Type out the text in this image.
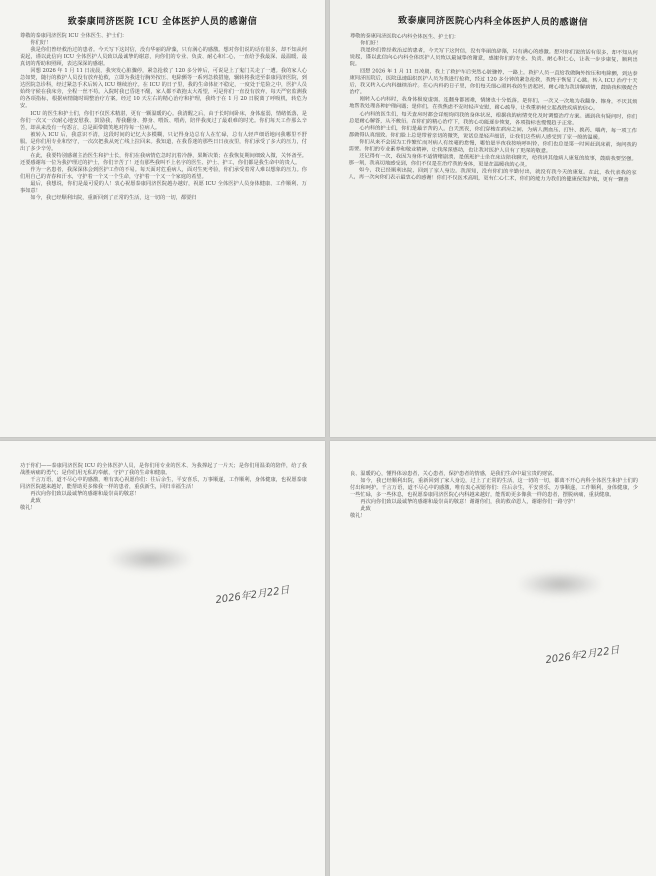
致泰康同济医院 ICU 全体医护人员的感谢信

尊敬的泰康同济医院 ICU 全体医生、护士们：

你们好！

我是你们曾经救治过的患者。今天写下这封信，没有华丽的辞藻，只有满心的感激。想对你们说的话有很多，却不知从何说起，谨以此信向 ICU 全体医护人员致以最诚挚的谢意，向你们的专业、负责、耐心和仁心，一直给予我最深、最温暖、最真切的帮助和照顾，表达深深的感谢。

回想 2026 年 1 月 11 日凌晨，我突发心脏骤停，紧急抢救了 120 多分钟后，可说是上了鬼门关走了一遭。我的家人心急如焚，随行的救护人员没有放弃抢救，立即为我进行胸外按压、电除颤等一系列急救措施，辗转将我送至泰康同济医院，到达医院急诊科，经过紧急手术后转入 ICU 继续治疗。在 ICU 的日子里，我的生命体征不稳定，一度处于危险之中，医护人员始终守候在我床旁，全程一丝不苟。入院时我已昏迷不醒，家人都不敢抱太大希望，可是你们一直没有放弃，每天严密监测我的各项指标，根据病情随时调整治疗方案。经过 10 天左右的精心治疗和护理，我终于在 1 月 20 日脱离了呼吸机，转危为安。

ICU 的医生和护士们，你们不仅医术精湛，更有一颗温暖的心。我清醒之后，由于长时间卧床，身体虚弱，情绪低落，是你们一次又一次耐心地安慰我、鼓励我，帮我翻身、擦身、喂饭、喂药，陪伴我度过了最艰难的时光。你们每天工作那么辛苦，却从来没有一句怨言，总是面带微笑地对待每一位病人。

被转入 ICU 后，我意识不清，这段时间的记忆大多模糊，只记得身边总有人在忙碌，总有人轻声细语地问我哪里不舒服。是你们用专业和坚守，一次次把我从死亡线上拉回来。我知道，在我昏迷的那些日日夜夜里，你们承受了多大的压力，付出了多少辛劳。

在此，我要特别感谢主治医生和护士长，你们在我病情危急时沉着冷静，果断决策；在我恢复期间细致入微，关怀备至。还要感谢每一位为我护理过的护士，你们辛苦了！还有那些我叫不上名字的医生、护士、护工，你们都是我生命中的贵人。

作为一名患者，我深深体会到医护工作的不易。每天面对危重病人，面对生死考验，你们承受着常人难以想象的压力。你们用自己的青春和汗水，守护着一个又一个生命，守护着一个又一个家庭的希望。

最后，我想说，你们是最可爱的人！衷心祝愿泰康同济医院越办越好，祝愿 ICU 全体医护人员身体健康、工作顺利、万事如意！

如今，我已经顺利出院，重新回到了正常的生活，这一切的一切，都要归

致泰康同济医院心内科全体医护人员的感谢信

尊敬的泰康同济医院心内科全体医生、护士们：

你们好！

我是你们曾经救治过的患者。今天写下这封信，没有华丽的辞藻，只有满心的感激。想对你们说的话有很多，却不知从何说起，谨以此信向心内科全体医护人员致以最诚挚的谢意，感谢你们的专业、负责、耐心和仁心，让我一步步康复，顺利出院。

回想 2026 年 1 月 11 日凌晨，我上了救护车后突然心脏骤停，一路上，救护人员一直给我做胸外按压和电除颤，到达泰康同济医院后，医院迅速组织医护人员为我进行抢救，经过 120 多分钟的紧急抢救，我终于恢复了心跳。转入 ICU 治疗十天后，我又转入心内科继续治疗。在心内科的日子里，你们每天细心照料我的生活起居，耐心地为我讲解病情，鼓励我积极配合治疗。

刚转入心内科时，我身体极度虚弱，连翻身都困难，情绪也十分低落。是你们，一次又一次地为我翻身、擦身，不厌其烦地帮我处理各种护理问题；是你们，在我焦虑不安时轻声安慰，耐心疏导，让我重新树立起战胜疾病的信心。

心内科的医生们，每天查房时都会详细询问我的身体状况，根据我的病情变化及时调整治疗方案。遇到我有疑问时，你们总是耐心解答，从不敷衍。在你们的精心治疗下，我的心功能逐步恢复，各项指标也慢慢趋于正常。

心内科的护士们，你们是最辛苦的人。白天黑夜，你们穿梭在病房之间，为病人测血压、打针、换药、喂药，每一项工作都做得认真细致。你们脸上总是带着亲切的微笑，说话总是轻声细语，让我们这些病人感受到了家一般的温暖。

你们从来不会因为工作繁忙而对病人有丝毫的怠慢，哪怕是半夜我按响呼叫铃，你们也总是第一时间赶到床前，询问我的需要。你们的专业素养和敬业精神，让我深深感动，也让我对医护人员有了更深的敬意。

还记得有一次，我因为身体不适情绪崩溃，是值班护士坐在床边陪我聊天，给我讲其他病人康复的故事，鼓励我要坚强。那一刻，我真切地感受到，你们不仅是在治疗我的身体，更是在温暖我的心灵。

如今，我已经顺利出院，回到了家人身边。我深知，没有你们的辛勤付出，就没有我今天的康复。在此，我代表我的家人，再一次向你们表示最衷心的感谢！你们不仅医术高明，更有仁心仁术，你们的能力为我们的健康保驾护航，更有一颗善

功于你们——泰康同济医院 ICU 的全体医护人员，是你们用专业的医术、为我撑起了一片天；是你们用温柔的陪伴，给了我战胜病痛的勇气；是你们用无私的奉献，守护了我的生命和健康。

千言万语，道不尽心中的感激，唯有衷心祝愿你们：往后余生，平安喜乐，万事顺遂，工作顺利，身体健康，也祝愿泰康同济医院越来越好，能帮助更多像我一样的患者，重获新生，回归幸福生活！

再次向你们致以最诚挚的感谢和最崇高的敬意！

此致

敬礼！

2026年2月22日

良、温暖的心，懂得体谅患者，关心患者，保护患者的情感，是我们生命中最宝贵的财富。

如今，我已经顺利出院，重新回到了家人身边，过上了正常的生活，这一切的一切，都离不开心内科全体医生和护士们的付出和呵护。千言万语，道不尽心中的感激，唯有衷心祝愿你们：往后余生，平安喜乐，万事顺遂，工作顺利，身体健康，少一些忙碌，多一些休息，也祝愿泰康同济医院心内科越来越好，能帮助更多像我一样的患者，摆脱病痛，重获健康。

再次向你们致以最诚挚的感谢和最崇高的敬意！谢谢你们，我的救命恩人，谢谢你们一路守护！

此致

敬礼！

2026年2月22日
